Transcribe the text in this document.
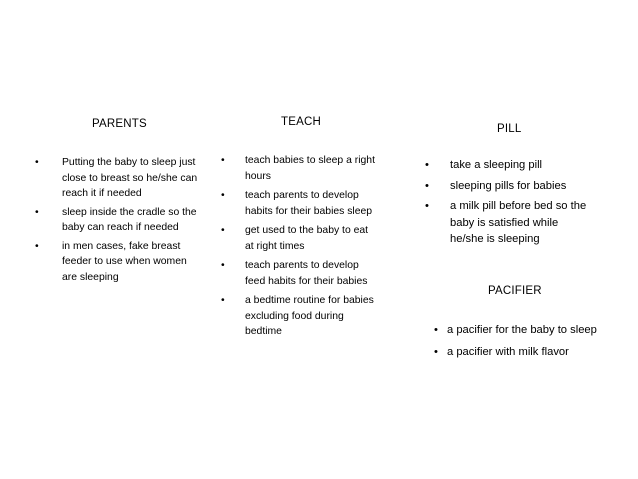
PARENTS
• Putting the baby to sleep just close to breast so he/she can reach it if needed
• sleep inside the cradle so the baby can reach if needed
• in men cases, fake breast feeder to use when women are sleeping
TEACH
• teach babies to sleep a right hours
• teach parents to develop habits for their babies sleep
• get used to the baby to eat at right times
• teach parents to develop feed habits for their babies
• a bedtime routine for babies excluding food during bedtime
PILL
• take a sleeping pill
• sleeping pills for babies
• a milk pill before bed so the baby is satisfied while he/she is sleeping
PACIFIER
• a pacifier for the baby to sleep
• a pacifier with milk flavor
